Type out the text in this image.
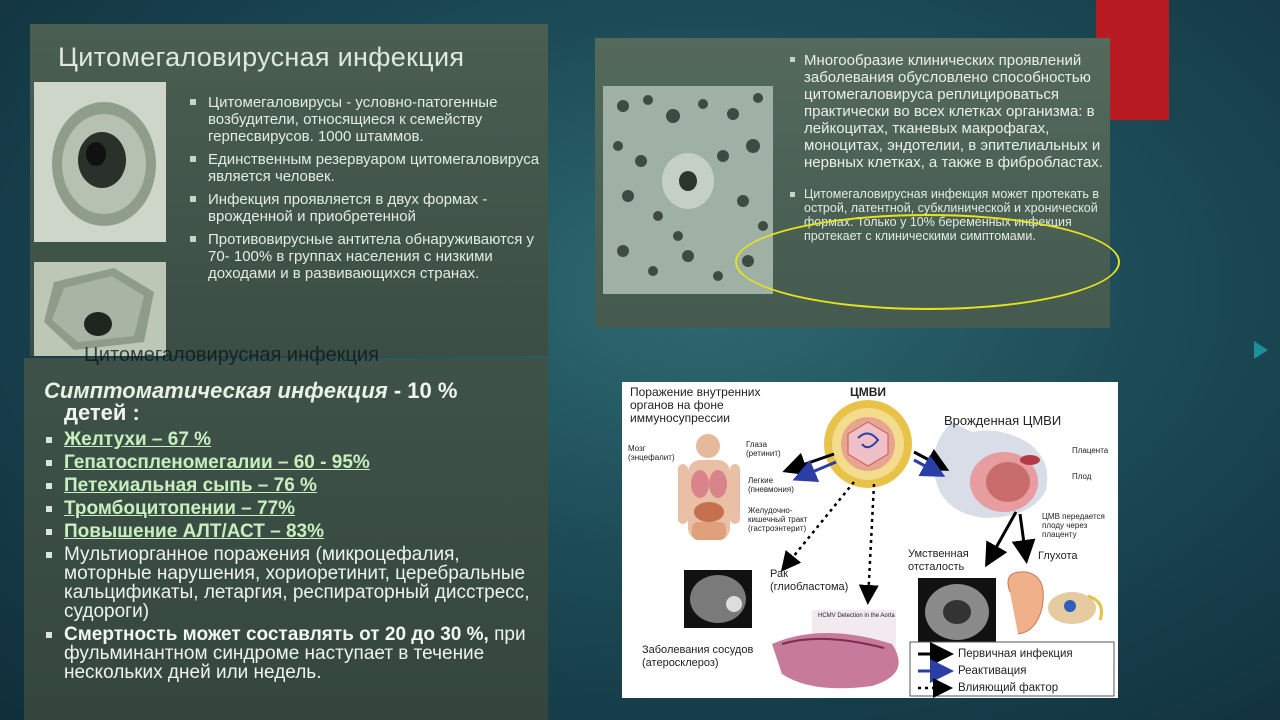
Цитомегаловирусная инфекция
Цитомегаловирусы - условно-патогенные возбудители, относящиеся к семейству герпесвирусов. 1000 штаммов.
Единственным резервуаром цитомегаловируса является человек.
Инфекция проявляется в двух формах - врожденной и приобретенной
Противовирусные антитела обнаруживаются у 70- 100% в группах населения с низкими доходами и в развивающихся странах.
Многообразие клинических проявлений заболевания обусловлено способностью цитомегаловируса реплицироваться практически во всех клетках организма: в лейкоцитах, тканевых макрофагах, моноцитах, эндотелии, в эпителиальных и нервных клетках, а также в фибробластах.
Цитомегаловирусная инфекция может протекать в острой, латентной, субклинической и хронической формах. Только у 10% беременных инфекция протекает с клиническими симптомами.
Цитомегаловирусная инфекция
Симптоматическая инфекция - 10 %
детей :
Желтухи – 67 %
Гепатоспленомегалии – 60 - 95%
Петехиальная сыпь – 76 %
Тромбоцитопении – 77%
Повышение АЛТ/АСТ – 83%
Мультиорганное поражения (микроцефалия, моторные нарушения, хориоретинит, церебральные кальцификаты, летаргия, респираторный дисстресс, судороги)
Смертность может составлять от 20 до 30 %, при фульминантном синдроме наступает в течение нескольких дней или недель.
Поражение внутренних органов на фоне иммуносупрессии
ЦМВИ
Врожденная ЦМВИ
Мозг (энцефалит)
Глаза (ретинит)
Легкие (пневмония)
Желудочно-кишечный тракт (гастроэнтерит)
Плацента
Плод
ЦМВ передается плоду через плаценту
Рак (глиобластома)
Умственная отсталость
Глухота
Заболевания сосудов (атеросклероз)
HCMV Detection in the Aorta
Первичная инфекция
Реактивация
Влияющий фактор
